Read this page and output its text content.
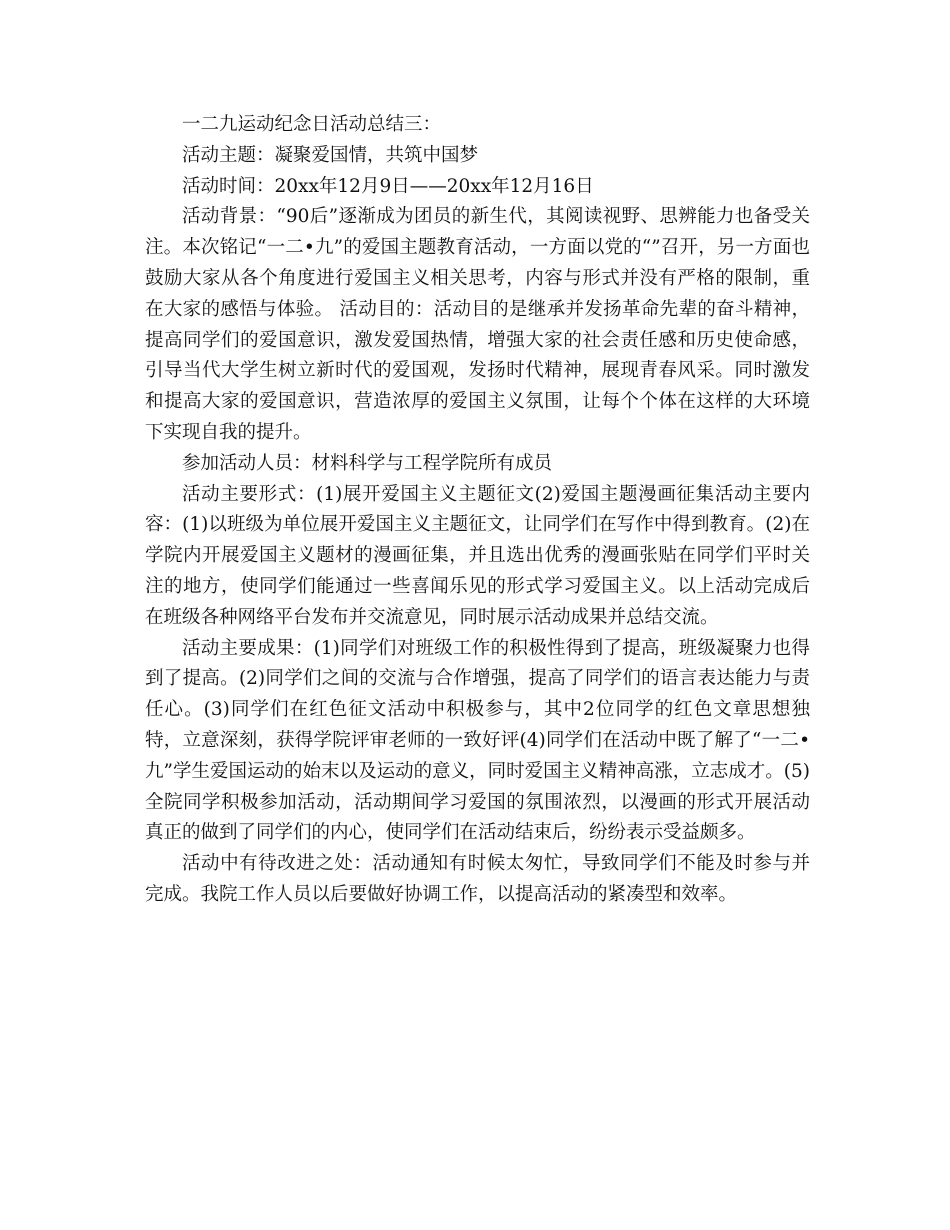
一二九运动纪念日活动总结三：

活动主题：凝聚爱国情，共筑中国梦

活动时间：20xx年12月9日——20xx年12月16日

活动背景：“90后”逐渐成为团员的新生代，其阅读视野、思辨能力也备受关注。本次铭记“一二•九”的爱国主题教育活动，一方面以党的“”召开，另一方面也鼓励大家从各个角度进行爱国主义相关思考，内容与形式并没有严格的限制，重在大家的感悟与体验。 活动目的：活动目的是继承并发扬革命先辈的奋斗精神，提高同学们的爱国意识，激发爱国热情，增强大家的社会责任感和历史使命感，引导当代大学生树立新时代的爱国观，发扬时代精神，展现青春风采。同时激发和提高大家的爱国意识，营造浓厚的爱国主义氛围，让每个个体在这样的大环境下实现自我的提升。

参加活动人员：材料科学与工程学院所有成员

活动主要形式：(1)展开爱国主义主题征文(2)爱国主题漫画征集活动主要内容：(1)以班级为单位展开爱国主义主题征文，让同学们在写作中得到教育。(2)在学院内开展爱国主义题材的漫画征集，并且选出优秀的漫画张贴在同学们平时关注的地方，使同学们能通过一些喜闻乐见的形式学习爱国主义。以上活动完成后在班级各种网络平台发布并交流意见，同时展示活动成果并总结交流。

活动主要成果：(1)同学们对班级工作的积极性得到了提高，班级凝聚力也得到了提高。(2)同学们之间的交流与合作增强，提高了同学们的语言表达能力与责任心。(3)同学们在红色征文活动中积极参与，其中2位同学的红色文章思想独特，立意深刻，获得学院评审老师的一致好评(4)同学们在活动中既了解了“一二•九”学生爱国运动的始末以及运动的意义，同时爱国主义精神高涨，立志成才。(5)全院同学积极参加活动，活动期间学习爱国的氛围浓烈，以漫画的形式开展活动真正的做到了同学们的内心，使同学们在活动结束后，纷纷表示受益颇多。

活动中有待改进之处：活动通知有时候太匆忙，导致同学们不能及时参与并完成。我院工作人员以后要做好协调工作，以提高活动的紧凑型和效率。
